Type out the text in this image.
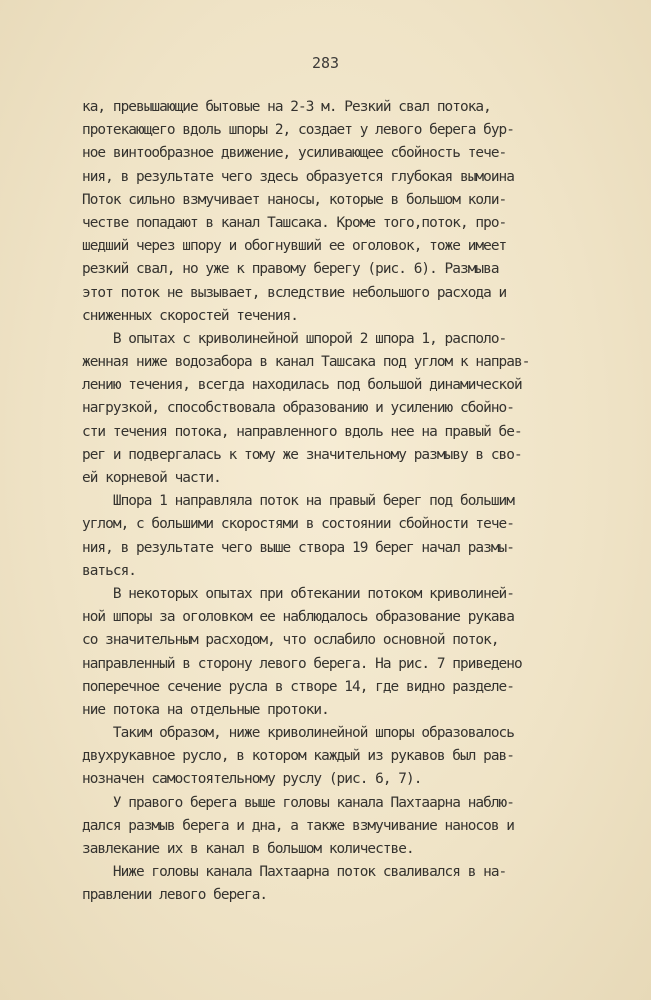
283
ка, превышающие бытовые на 2-3 м. Резкий свал потока,
протекающего вдоль шпоры 2, создает у левого берега бур-
ное винтообразное движение, усиливающее сбойность тече-
ния, в результате чего здесь образуется глубокая вымоина
Поток сильно взмучивает наносы, которые в большом коли-
честве попадают в канал Ташсака. Кроме того,поток, про-
шедший через шпору и обогнувший ее оголовок, тоже имеет
резкий свал, но уже к правому берегу (рис. 6). Размыва
этот поток не вызывает, вследствие небольшого расхода и
сниженных скоростей течения.
В опытах с криволинейной шпорой 2 шпора 1, располо-
женная ниже водозабора в канал Ташсака под углом к направ-
лению течения, всегда находилась под большой динамической
нагрузкой, способствовала образованию и усилению сбойно-
сти течения потока, направленного вдоль нее на правый бе-
рег и подвергалась к тому же значительному размыву в сво-
ей корневой части.
Шпора 1 направляла поток на правый берег под большим
углом, с большими скоростями в состоянии сбойности тече-
ния, в результате чего выше створа 19 берег начал размы-
ваться.
В некоторых опытах при обтекании потоком криволиней-
ной шпоры за оголовком ее наблюдалось образование рукава
со значительным расходом, что ослабило основной поток,
направленный в сторону левого берега. На рис. 7 приведено
поперечное сечение русла в створе 14, где видно разделе-
ние потока на отдельные протоки.
Таким образом, ниже криволинейной шпоры образовалось
двухрукавное русло, в котором каждый из рукавов был рав-
нозначен самостоятельному руслу (рис. 6, 7).
У правого берега выше головы канала Пахтаарна наблю-
дался размыв берега и дна, а также взмучивание наносов и
завлекание их в канал в большом количестве.
Ниже головы канала Пахтаарна поток сваливался в на-
правлении левого берега.
